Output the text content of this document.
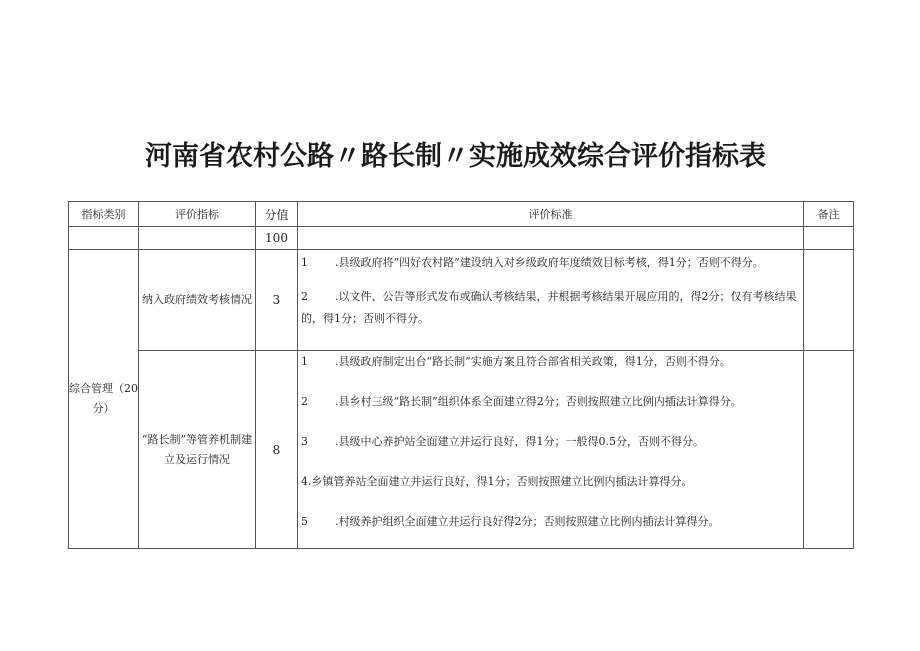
河南省农村公路〃路长制〃实施成效综合评价指标表
指标类别	评价指标	分值	评价标准	备注
		100		
综合管理（20分）	纳入政府绩效考核情况	3	1 .县级政府将“四好农村路”建设纳入对乡级政府年度绩效目标考核，得1分；否则不得分。
2 .以文件、公告等形式发布或确认考核结果，并根据考核结果开展应用的，得2分；仅有考核结果的，得1分；否则不得分。	

	“路长制”等管养机制建立及运行情况	8	1 .县级政府制定出台“路长制”实施方案且符合部省相关政策，得1分，否则不得分。
2 .县乡村三级“路长制”组织体系全面建立得2分；否则按照建立比例内插法计算得分。
3 .县级中心养护站全面建立并运行良好，得1分；一般得0.5分，否则不得分。
4.乡镇管养站全面建立并运行良好，得1分；否则按照建立比例内插法计算得分。
5 .村级养护组织全面建立并运行良好得2分；否则按照建立比例内插法计算得分。	
